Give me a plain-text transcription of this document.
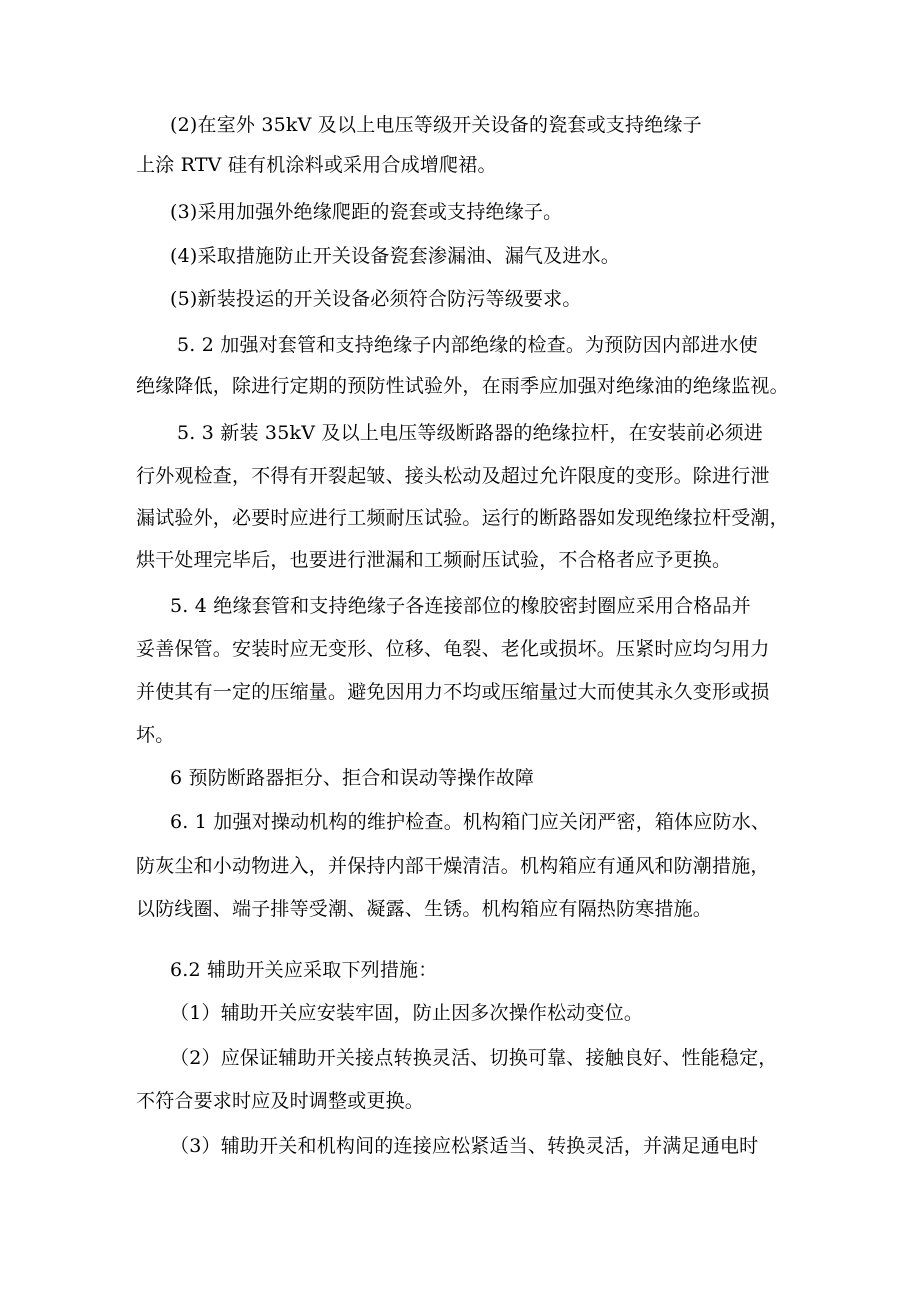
(2)在室外 35kV 及以上电压等级开关设备的瓷套或支持绝缘子
上涂 RTV 硅有机涂料或采用合成增爬裙。
(3)采用加强外绝缘爬距的瓷套或支持绝缘子。
(4)采取措施防止开关设备瓷套渗漏油、漏气及进水。
(5)新装投运的开关设备必须符合防污等级要求。
5. 2 加强对套管和支持绝缘子内部绝缘的检查。为预防因内部进水使
绝缘降低，除进行定期的预防性试验外，在雨季应加强对绝缘油的绝缘监视。
5. 3 新装 35kV 及以上电压等级断路器的绝缘拉杆，在安装前必须进
行外观检查，不得有开裂起皱、接头松动及超过允许限度的变形。除进行泄
漏试验外，必要时应进行工频耐压试验。运行的断路器如发现绝缘拉杆受潮，
烘干处理完毕后，也要进行泄漏和工频耐压试验，不合格者应予更换。
5. 4 绝缘套管和支持绝缘子各连接部位的橡胶密封圈应采用合格品并
妥善保管。安装时应无变形、位移、龟裂、老化或损坏。压紧时应均匀用力
并使其有一定的压缩量。避免因用力不均或压缩量过大而使其永久变形或损
坏。
6 预防断路器拒分、拒合和误动等操作故障
6. 1 加强对操动机构的维护检查。机构箱门应关闭严密，箱体应防水、
防灰尘和小动物进入，并保持内部干燥清洁。机构箱应有通风和防潮措施，
以防线圈、端子排等受潮、凝露、生锈。机构箱应有隔热防寒措施。
6.2 辅助开关应采取下列措施：
（1）辅助开关应安装牢固，防止因多次操作松动变位。
（2）应保证辅助开关接点转换灵活、切换可靠、接触良好、性能稳定，
不符合要求时应及时调整或更换。
（3）辅助开关和机构间的连接应松紧适当、转换灵活，并满足通电时
